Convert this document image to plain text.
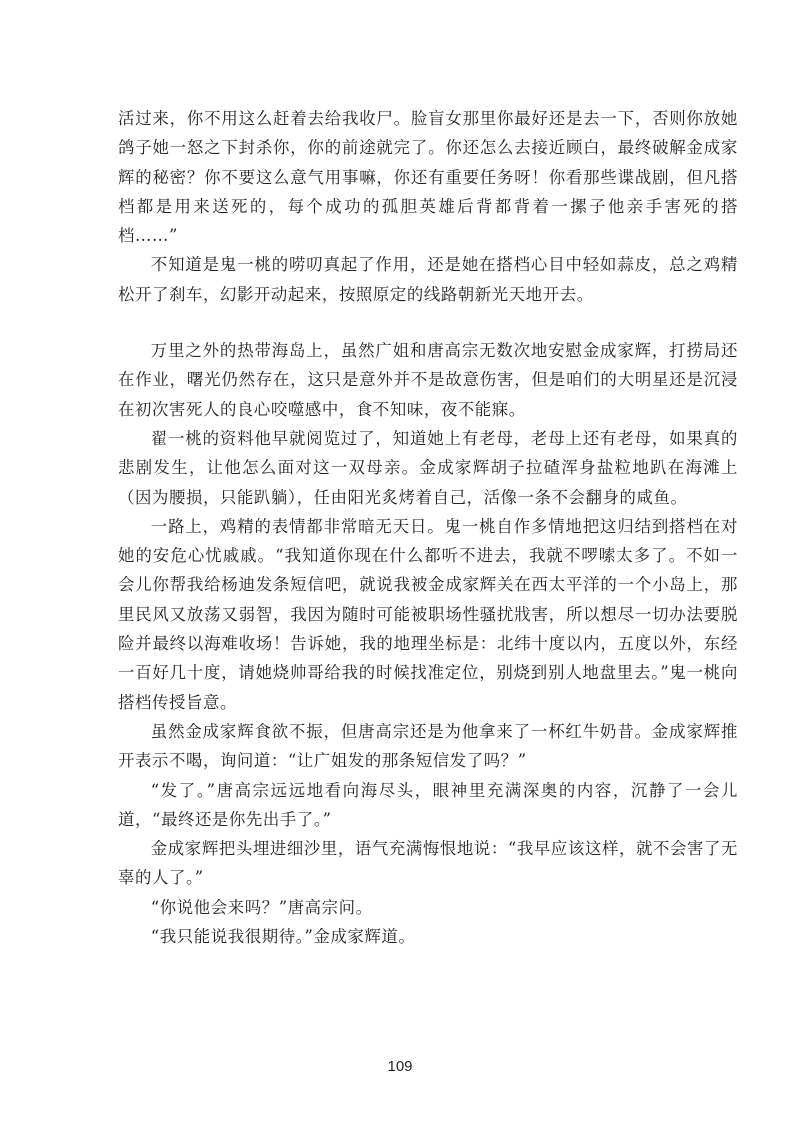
活过来，你不用这么赶着去给我收尸。脸盲女那里你最好还是去一下，否则你放她鸽子她一怒之下封杀你，你的前途就完了。你还怎么去接近顾白，最终破解金成家辉的秘密？你不要这么意气用事嘛，你还有重要任务呀！你看那些谍战剧，但凡搭档都是用来送死的，每个成功的孤胆英雄后背都背着一摞子他亲手害死的搭档……”

不知道是鬼一桃的唠叨真起了作用，还是她在搭档心目中轻如蒜皮，总之鸡精松开了刹车，幻影开动起来，按照原定的线路朝新光天地开去。

万里之外的热带海岛上，虽然广姐和唐高宗无数次地安慰金成家辉，打捞局还在作业，曙光仍然存在，这只是意外并不是故意伤害，但是咱们的大明星还是沉浸在初次害死人的良心咬噬感中，食不知味，夜不能寐。

翟一桃的资料他早就阅览过了，知道她上有老母，老母上还有老母，如果真的悲剧发生，让他怎么面对这一双母亲。金成家辉胡子拉碴浑身盐粒地趴在海滩上（因为腰损，只能趴躺），任由阳光炙烤着自己，活像一条不会翻身的咸鱼。

一路上，鸡精的表情都非常暗无天日。鬼一桃自作多情地把这归结到搭档在对她的安危心忧戚戚。“我知道你现在什么都听不进去，我就不啰嗦太多了。不如一会儿你帮我给杨迪发条短信吧，就说我被金成家辉关在西太平洋的一个小岛上，那里民风又放荡又弱智，我因为随时可能被职场性骚扰戕害，所以想尽一切办法要脱险并最终以海难收场！告诉她，我的地理坐标是：北纬十度以内，五度以外，东经一百好几十度，请她烧帅哥给我的时候找准定位，别烧到别人地盘里去。”鬼一桃向搭档传授旨意。

虽然金成家辉食欲不振，但唐高宗还是为他拿来了一杯红牛奶昔。金成家辉推开表示不喝，询问道：“让广姐发的那条短信发了吗？”

“发了。”唐高宗远远地看向海尽头，眼神里充满深奥的内容，沉静了一会儿道，“最终还是你先出手了。”

金成家辉把头埋进细沙里，语气充满悔恨地说：“我早应该这样，就不会害了无辜的人了。”

“你说他会来吗？”唐高宗问。

“我只能说我很期待。”金成家辉道。

109
